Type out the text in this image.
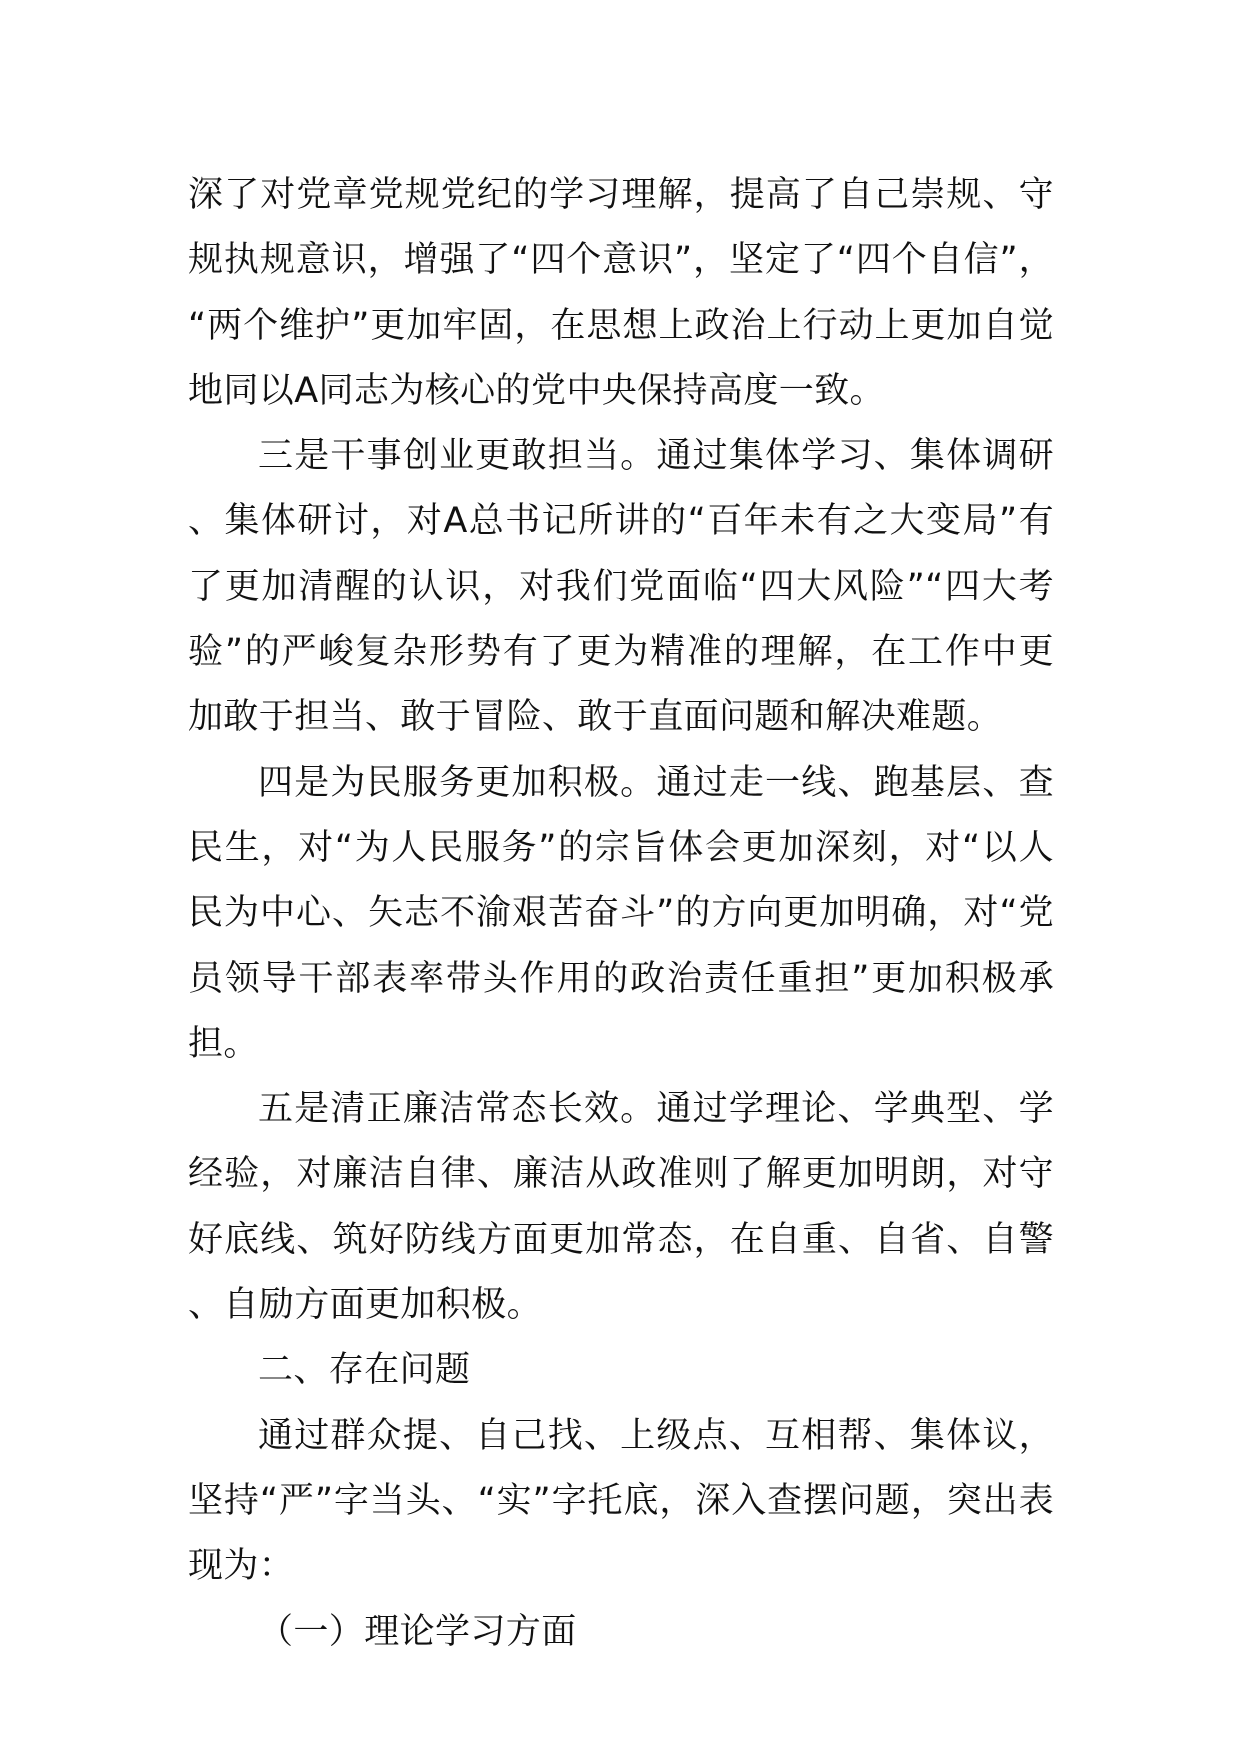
深了对党章党规党纪的学习理解，提高了自己崇规、守规执规意识，增强了“四个意识”，坚定了“四个自信”，“两个维护”更加牢固，在思想上政治上行动上更加自觉地同以A同志为核心的党中央保持高度一致。

三是干事创业更敢担当。通过集体学习、集体调研、集体研讨，对A总书记所讲的“百年未有之大变局”有了更加清醒的认识，对我们党面临“四大风险”“四大考验”的严峻复杂形势有了更为精准的理解，在工作中更加敢于担当、敢于冒险、敢于直面问题和解决难题。

四是为民服务更加积极。通过走一线、跑基层、查民生，对“为人民服务”的宗旨体会更加深刻，对“以人民为中心、矢志不渝艰苦奋斗”的方向更加明确，对“党员领导干部表率带头作用的政治责任重担”更加积极承担。

五是清正廉洁常态长效。通过学理论、学典型、学经验，对廉洁自律、廉洁从政准则了解更加明朗，对守好底线、筑好防线方面更加常态，在自重、自省、自警、自励方面更加积极。

二、存在问题

通过群众提、自己找、上级点、互相帮、集体议，坚持“严”字当头、“实”字托底，深入查摆问题，突出表现为：

（一）理论学习方面
